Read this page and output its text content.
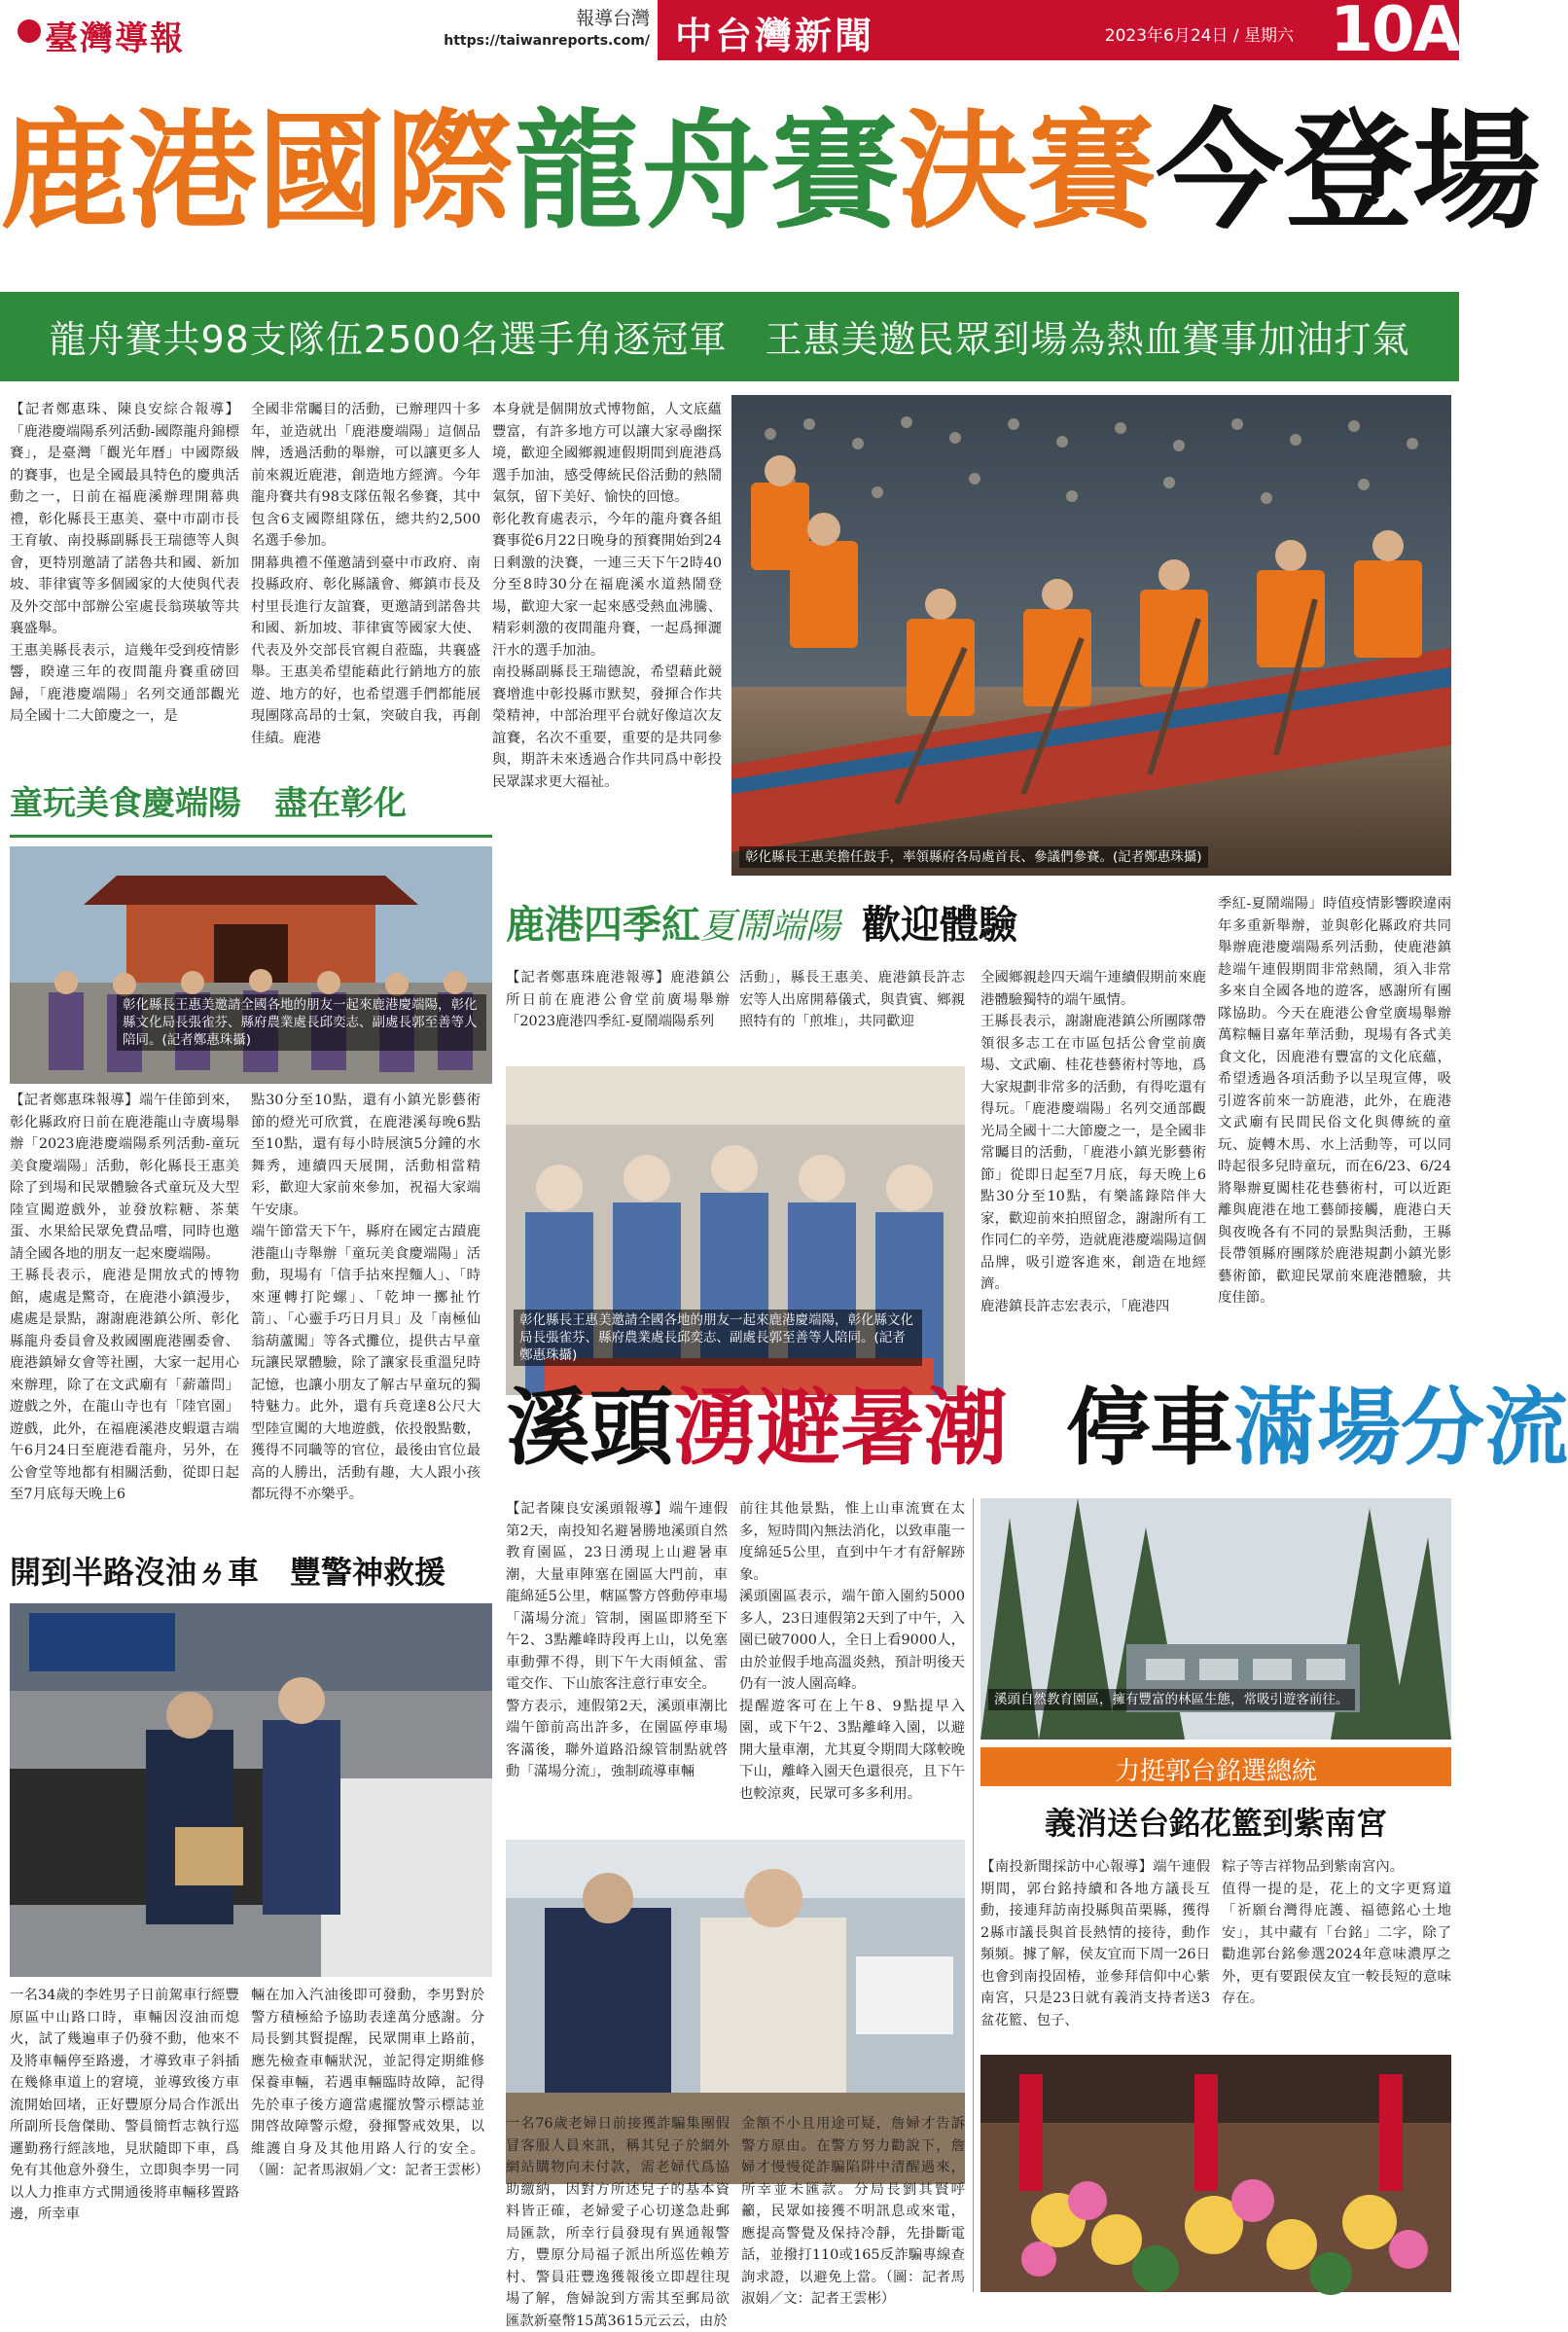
臺灣導報
報導台灣
https://taiwanreports.com/ 中台灣新聞	2023年6月24日 / 星期六 10A
鹿港國際龍舟賽決賽今登場
龍舟賽共98支隊伍2500名選手角逐冠軍　王惠美邀民眾到場為熱血賽事加油打氣
【記者鄭惠珠、陳良安綜合報導】「鹿港慶端陽系列活動-國際龍舟錦標賽」，是臺灣「觀光年曆」中國際級的賽事，也是全國最具特色的慶典活動之一，日前在福鹿溪辦理開幕典禮，彰化縣長王惠美、臺中市副市長王育敏、南投縣副縣長王瑞德等人與會，更特別邀請了諾魯共和國、新加坡、菲律賓等多個國家的大使與代表及外交部中部辦公室處長翁瑛敏等共襄盛舉。
王惠美縣長表示，這幾年受到疫情影響，睽違三年的夜間龍舟賽重磅回歸，「鹿港慶端陽」名列交通部觀光局全國十二大節慶之一，是
全國非常矚目的活動，已辦理四十多年，並造就出「鹿港慶端陽」這個品牌，透過活動的舉辦，可以讓更多人前來親近鹿港，創造地方經濟。今年龍舟賽共有98支隊伍報名參賽，其中包含6支國際組隊伍，總共約2,500名選手參加。
開幕典禮不僅邀請到臺中市政府、南投縣政府、彰化縣議會、鄉鎮市長及村里長進行友誼賽，更邀請到諾魯共和國、新加坡、菲律賓等國家大使、代表及外交部長官親自蒞臨，共襄盛舉。王惠美希望能藉此行銷地方的旅遊、地方的好，也希望選手們都能展現團隊高昂的士氣，突破自我，再創佳績。鹿港
本身就是個開放式博物館，人文底蘊豐富，有許多地方可以讓大家尋幽探境，歡迎全國鄉親連假期間到鹿港爲選手加油，感受傳統民俗活動的熱鬧氣氛，留下美好、愉快的回憶。
彰化教育處表示，今年的龍舟賽各組賽事從6月22日晚身的預賽開始到24日剩激的決賽，一連三天下午2時40分至8時30分在福鹿溪水道熱鬧登場，歡迎大家一起來感受熱血沸騰、精彩刺激的夜間龍舟賽，一起爲揮灑汗水的選手加油。
南投縣副縣長王瑞德說，希望藉此競賽增進中彰投縣市默契，發揮合作共榮精神，中部治理平台就好像這次友誼賽，名次不重要，重要的是共同參與，期許未來透過合作共同爲中彰投民眾謀求更大福祉。
彰化縣長王惠美擔任鼓手，率領縣府各局處首長、參議們參賽。(記者鄭惠珠攝)
童玩美食慶端陽　盡在彰化
彰化縣長王惠美邀請全國各地的朋友一起來鹿港慶端陽，彰化縣文化局長張雀芬、縣府農業處長邱奕志、副處長郭至善等人陪同。(記者鄭惠珠攝)
【記者鄭惠珠報導】端午佳節到來，彰化縣政府日前在鹿港龍山寺廣場舉辦「2023鹿港慶端陽系列活動-童玩美食慶端陽」活動，彰化縣長王惠美除了到場和民眾體驗各式童玩及大型陸宣闖遊戲外，並發放粽糖、茶葉蛋、水果給民眾免費品嚐，同時也邀請全國各地的朋友一起來慶端陽。
王縣長表示，鹿港是開放式的博物館，處處是驚奇，在鹿港小鎮漫步，處處是景點，謝謝鹿港鎮公所、彰化縣龍舟委員會及救國團鹿港團委會、鹿港鎮婦女會等社團，大家一起用心來辦理，除了在文武廟有「薪蕭問」遊戲之外，在龍山寺也有「陸官園」遊戲，此外，在福鹿溪港皮蝦還吉端午6月24日至鹿港看龍舟，另外，在公會堂等地都有相關活動，從即日起至7月底每天晚上6
點30分至10點，還有小鎮光影藝術節的燈光可欣賞，在鹿港溪每晚6點至10點，還有每小時展演5分鐘的水舞秀，連續四天展開，活動相當精彩，歡迎大家前來參加，祝福大家端午安康。
端午節當天下午，縣府在國定古蹟鹿港龍山寺舉辦「童玩美食慶端陽」活動，現場有「信手拈來捏麵人」、「時來運轉打陀螺」、「乾坤一擲扯竹箭」、「心靈手巧日月貝」及「南極仙翁葫蘆闖」等各式攤位，提供古早童玩讓民眾體驗，除了讓家長重溫兒時記憶，也讓小朋友了解古早童玩的獨特魅力。此外，還有兵竟達8公尺大型陸宣闖的大地遊戲，依投骰點數，獲得不同職等的官位，最後由官位最高的人勝出，活動有趣，大人跟小孩都玩得不亦樂乎。
鹿港四季紅夏鬧端陽 歡迎體驗
【記者鄭惠珠鹿港報導】鹿港鎮公所日前在鹿港公會堂前廣場舉辦「2023鹿港四季紅-夏鬧端陽系列
活動」，縣長王惠美、鹿港鎮長許志宏等人出席開幕儀式，與貴賓、鄉親照特有的「煎堆」，共同歡迎
彰化縣長王惠美邀請全國各地的朋友一起來鹿港慶端陽，彰化縣文化局長張雀芬、縣府農業處長邱奕志、副處長郭至善等人陪同。(記者鄭惠珠攝)
全國鄉親趁四天端午連續假期前來鹿港體驗獨特的端午風情。
王縣長表示，謝謝鹿港鎮公所團隊帶領很多志工在市區包括公會堂前廣場、文武廟、桂花巷藝術村等地，爲大家規劃非常多的活動，有得吃還有得玩。「鹿港慶端陽」名列交通部觀光局全國十二大節慶之一，是全國非常矚目的活動，「鹿港小鎮光影藝術節」從即日起至7月底，每天晚上6點30分至10點，有樂謠錄陪伴大家，歡迎前來拍照留念，謝謝所有工作同仁的辛勞，造就鹿港慶端陽這個品牌，吸引遊客進來，創造在地經濟。
鹿港鎮長許志宏表示，「鹿港四
季紅-夏鬧端陽」時值疫情影響睽違兩年多重新舉辦，並與彰化縣政府共同舉辦鹿港慶端陽系列活動，使鹿港鎮趁端午連假期間非常熱鬧，須入非常多來自全國各地的遊客，感謝所有團隊協助。今天在鹿港公會堂廣場舉辦萬粽輛目嘉年華活動，現場有各式美食文化，因鹿港有豐富的文化底蘊，希望透過各項活動予以呈現宣傳，吸引遊客前來一訪鹿港，此外，在鹿港文武廟有民間民俗文化與傳統的童玩、旋轉木馬、水上活動等，可以同時起很多兒時童玩，而在6/23、6/24將舉辦夏闖桂花巷藝術村，可以近距離與鹿港在地工藝師接觸，鹿港白天與夜晚各有不同的景點與活動，王縣長帶領縣府團隊於鹿港規劃小鎮光影藝術節，歡迎民眾前來鹿港體驗，共度佳節。
溪頭湧避暑潮 停車滿場分流
【記者陳良安溪頭報導】端午連假第2天，南投知名避暑勝地溪頭自然教育園區，23日湧現上山避暑車潮，大量車陣塞在園區大門前，車龍綿延5公里，轄區警方啓動停車場「滿場分流」管制，園區即將至下午2、3點離峰時段再上山，以免塞車動彈不得，則下午大雨傾盆、雷電交作、下山旅客注意行車安全。
警方表示，連假第2天，溪頭車潮比端午節前高出許多，在園區停車場客滿後，聯外道路沿線管制點就啓動「滿場分流」，強制疏導車輛
前往其他景點，惟上山車流實在太多，短時間內無法消化，以致車龍一度綿延5公里，直到中午才有舒解跡象。
溪頭園區表示，端午節入園約5000多人，23日連假第2天到了中午，入園已破7000人，全日上看9000人，由於並假手地高溫炎熱，預計明後天仍有一波人園高峰。
提醒遊客可在上午8、9點提早入園，或下午2、3點離峰入園，以避開大量車潮，尤其夏令期間大隊較晚下山，離峰入園天色還很亮，且下午也較涼爽，民眾可多多利用。
溪頭自然教育園區，擁有豐富的林區生態，常吸引遊客前往。
開到半路沒油ㄌ車　豐警神救援
一名34歲的李姓男子日前駕車行經豐原區中山路口時，車輛因沒油而熄火，試了幾遍車子仍發不動，他來不及將車輛停至路邊，才導致車子斜插在幾條車道上的窘境，並導致後方車流開始回堵，正好豐原分局合作派出所副所長詹傑勛、警員簡哲志執行巡邏勤務行經該地，見狀隨即下車，爲免有其他意外發生，立即與李男一同以人力推車方式開通後將車輛移置路邊，所幸車
輛在加入汽油後即可發動，李男對於警方積極給予協助表達萬分感謝。分局長劉其賢提醒，民眾開車上路前，應先檢查車輛狀況，並記得定期維修保養車輛，若遇車輛臨時故障，記得先於車子後方適當處擺放警示標誌並開啓故障警示燈，發揮警戒效果，以維護自身及其他用路人行的安全。（圖：記者馬淑娟／文：記者王雲彬）
力挺郭台銘選總統
義消送台銘花籃到紫南宮
【南投新聞採訪中心報導】端午連假期間，郭台銘持續和各地方議長互動，接連拜訪南投縣與苗栗縣，獲得2縣市議長與首長熱情的接待，動作頻頻。據了解，侯友宜而下周一26日也會到南投固椿，並參拜信仰中心紫南宮，只是23日就有義消支持者送3盆花籃、包子、
粽子等吉祥物品到紫南宮內。
值得一提的是，花上的文字更寫道「祈願台灣得庇護、福德銘心土地安」，其中藏有「台銘」二字，除了勸進郭台銘參選2024年意味濃厚之外，更有要跟侯友宜一較長短的意味存在。
一名76歲老婦日前接獲詐騙集團假冒客服人員來訊，稱其兒子於網外網站購物向未付款，需老婦代爲協助繳納，因對方所述兒子的基本資料皆正確，老婦愛子心切遂急赴郵局匯款，所幸行員發現有異通報警方，豐原分局福子派出所巡佐賴芳村、警員莊豐逸獲報後立即趕往現場了解，詹婦說到方需其至郵局欲匯款新臺幣15萬3615元云云，由於
金額不小且用途可疑，詹婦才告訴警方原由。在警方努力勸說下，詹婦才慢慢從詐騙陷阱中清醒過來，所幸並未匯款。分局長劉其賢呼籲，民眾如接獲不明訊息或來電，應提高警覺及保持冷靜，先掛斷電話，並撥打110或165反詐騙專線查詢求證，以避免上當。（圖：記者馬淑娟／文：記者王雲彬）
